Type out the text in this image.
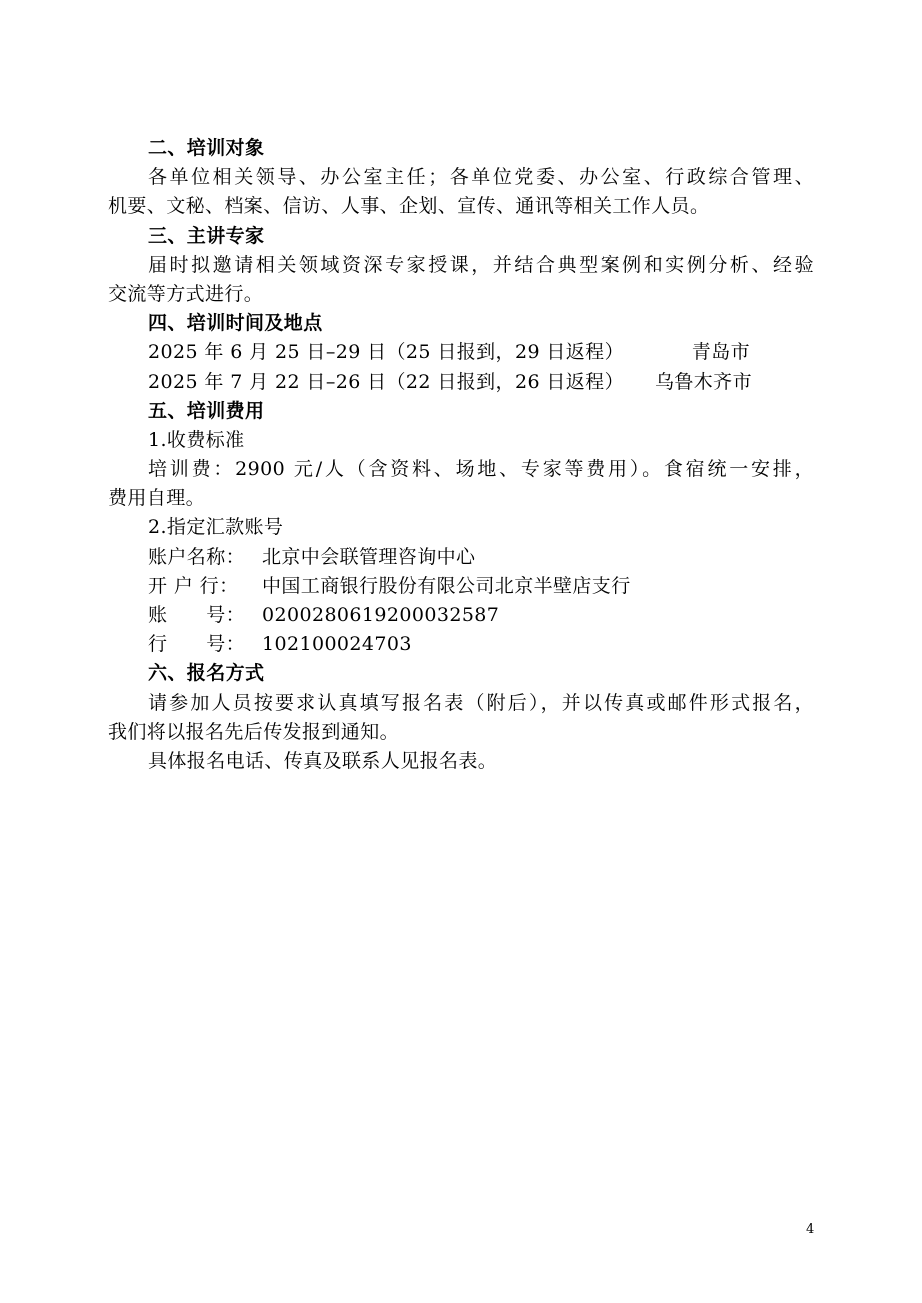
二、培训对象
各单位相关领导、办公室主任；各单位党委、办公室、行政综合管理、
机要、文秘、档案、信访、人事、企划、宣传、通讯等相关工作人员。
三、主讲专家
届时拟邀请相关领域资深专家授课，并结合典型案例和实例分析、经验
交流等方式进行。
四、培训时间及地点
2025 年 6 月 25 日–29 日（25 日报到，29 日返程）	青岛市
2025 年 7 月 22 日–26 日（22 日报到，26 日返程） 乌鲁木齐市
五、培训费用
1.收费标准
培训费：2900 元/人（含资料、场地、专家等费用）。食宿统一安排，
费用自理。
2.指定汇款账号
账户名称： 北京中会联管理咨询中心
开 户 行： 中国工商银行股份有限公司北京半壁店支行
账　　号： 0200280619200032587
行　　号： 102100024703
六、报名方式
请参加人员按要求认真填写报名表（附后），并以传真或邮件形式报名，
我们将以报名先后传发报到通知。
具体报名电话、传真及联系人见报名表。
4
